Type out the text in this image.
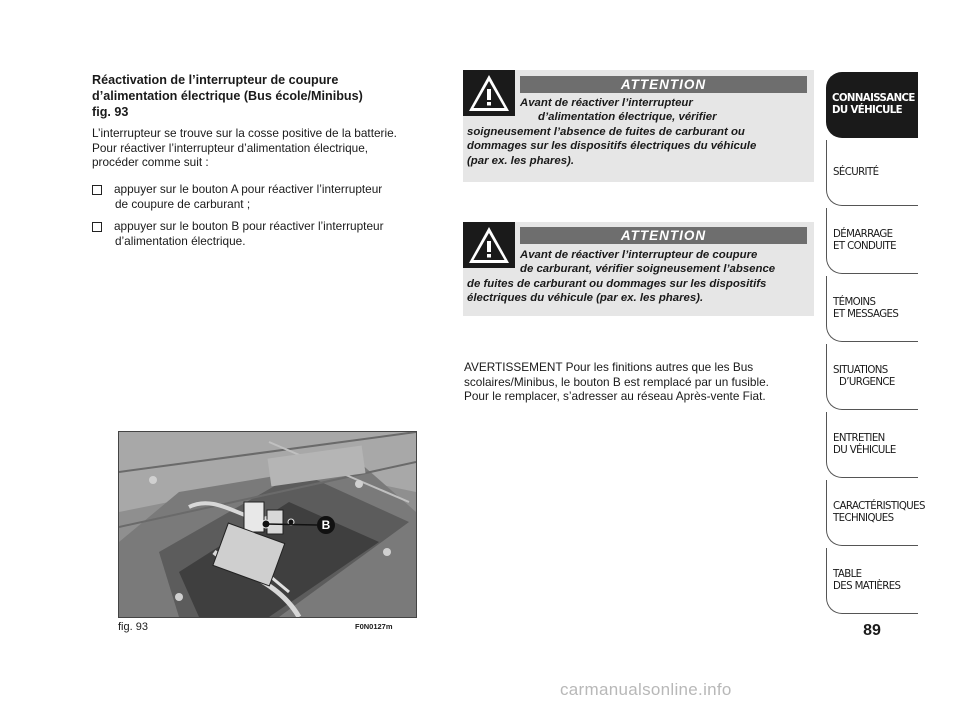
Réactivation de l’interrupteur de coupure
d’alimentation électrique (Bus école/Minibus)
fig. 93
L’interrupteur se trouve sur la cosse positive de la batterie.
Pour réactiver l’interrupteur d’alimentation électrique,
procéder comme suit :
appuyer sur le bouton A pour réactiver l’interrupteur
de coupure de carburant ;
appuyer sur le bouton B pour réactiver l’interrupteur
d’alimentation électrique.
ATTENTION
Avant de réactiver l’interrupteur
d’alimentation électrique, vérifier
soigneusement l’absence de fuites de carburant ou
dommages sur les dispositifs électriques du véhicule
(par ex. les phares).
ATTENTION
Avant de réactiver l’interrupteur de coupure
de carburant, vérifier soigneusement l’absence
de fuites de carburant ou dommages sur les dispositifs
électriques du véhicule (par ex. les phares).
AVERTISSEMENT Pour les finitions autres que les Bus
scolaires/Minibus, le bouton B est remplacé par un fusible.
Pour le remplacer, s’adresser au réseau Après-vente Fiat.
B
fig. 93	F0N0127m
CONNAISSANCE
DU VÉHICULE
SÉCURITÉ
DÉMARRAGE
ET CONDUITE
TÉMOINS
ET MESSAGES
SITUATIONS
D’URGENCE
ENTRETIEN
DU VÉHICULE
CARACTÉRISTIQUES
TECHNIQUES
TABLE
DES MATIÈRES
89
carmanualsonline.info
